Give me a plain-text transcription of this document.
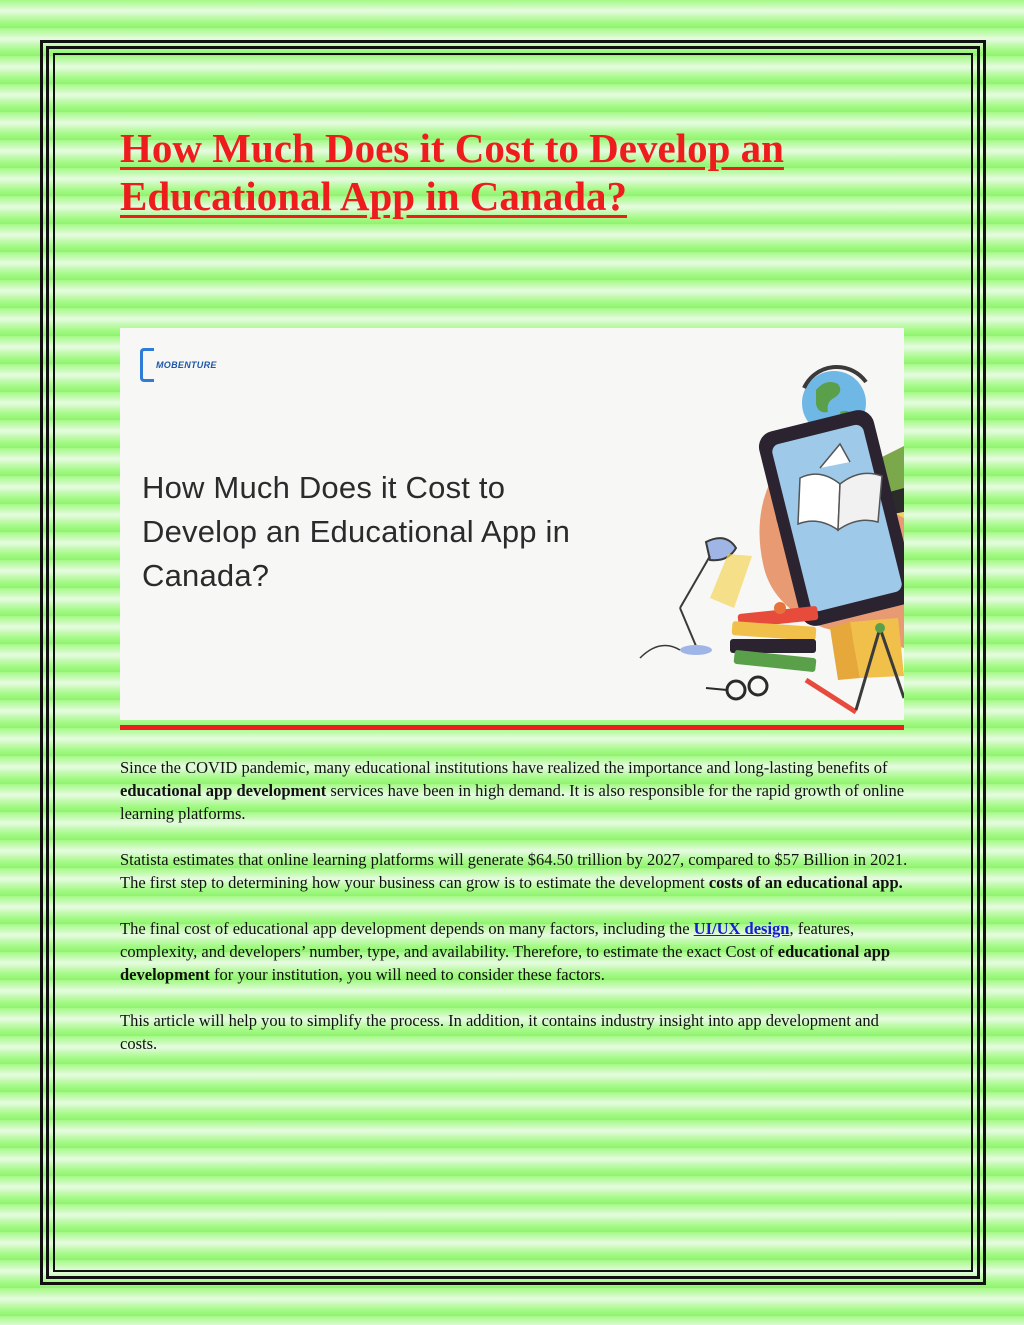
How Much Does it Cost to Develop an Educational App in Canada?
MOBENTURE
How Much Does it Cost to Develop an Educational App in Canada?

Since the COVID pandemic, many educational institutions have realized the importance and long-lasting benefits of educational app development services have been in high demand. It is also responsible for the rapid growth of online learning platforms.

Statista estimates that online learning platforms will generate $64.50 trillion by 2027, compared to $57 Billion in 2021. The first step to determining how your business can grow is to estimate the development costs of an educational app.

The final cost of educational app development depends on many factors, including the UI/UX design, features, complexity, and developers’ number, type, and availability. Therefore, to estimate the exact Cost of educational app development for your institution, you will need to consider these factors.

This article will help you to simplify the process. In addition, it contains industry insight into app development and costs.
